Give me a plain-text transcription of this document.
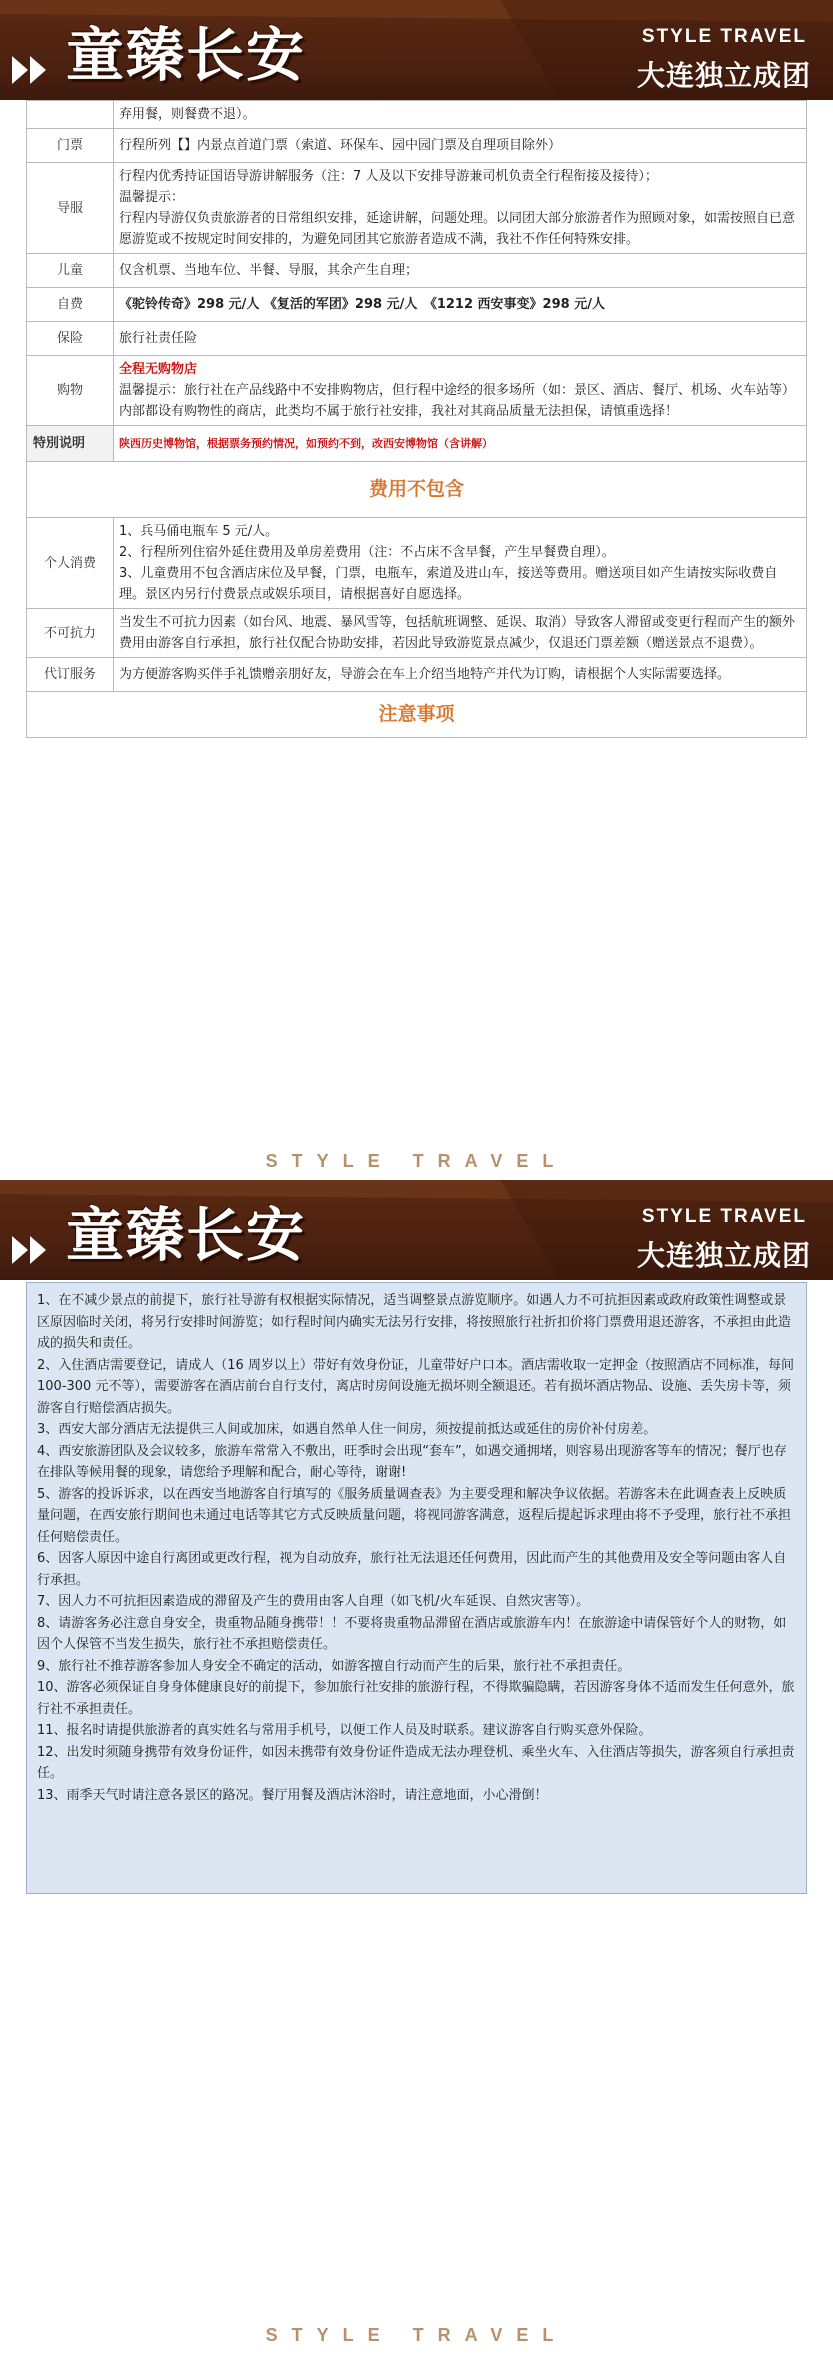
童臻长安	STYLE TRAVEL
大连独立成团
	弃用餐，则餐费不退）。
门票	行程所列【】内景点首道门票（索道、环保车、园中园门票及自理项目除外）
导服	行程内优秀持证国语导游讲解服务（注：7 人及以下安排导游兼司机负责全行程衔接及接待）；
温馨提示：
行程内导游仅负责旅游者的日常组织安排，延途讲解，问题处理。以同团大部分旅游者作为照顾对象，如需按照自已意愿游览或不按规定时间安排的，为避免同团其它旅游者造成不满，我社不作任何特殊安排。

儿童	仅含机票、当地车位、半餐、导服，其余产生自理；
自费	《驼铃传奇》298 元/人 《复活的军团》298 元/人　《1212 西安事变》298 元/人
保险	旅行社责任险
购物	全程无购物店
温馨提示：旅行社在产品线路中不安排购物店，但行程中途经的很多场所（如：景区、酒店、餐厅、机场、火车站等）内部都设有购物性的商店，此类均不属于旅行社安排，我社对其商品质量无法担保，请慎重选择！

特別说明	陕西历史博物馆，根据票务预约情况，如预约不到，改西安博物馆（含讲解）
费用不包含	
个人消费	1、兵马俑电瓶车 5 元/人。
2、行程所列住宿外延住费用及单房差费用（注：不占床不含早餐，产生早餐费自理）。
3、儿童费用不包含酒店床位及早餐，门票，电瓶车，索道及进山车，接送等费用。赠送项目如产生请按实际收费自理。景区内另行付费景点或娱乐项目，请根据喜好自愿选择。

不可抗力	当发生不可抗力因素（如台风、地震、暴风雪等，包括航班调整、延误、取消）导致客人滞留或变更行程而产生的额外费用由游客自行承担，旅行社仅配合协助安排，若因此导致游览景点减少，仅退还门票差额（赠送景点不退费）。
代订服务	为方便游客购买伴手礼馈赠亲朋好友，导游会在车上介绍当地特产并代为订购，请根据个人实际需要选择。
注意事项	
STYLE TRAVEL
童臻长安	STYLE TRAVEL
大连独立成团

1、在不减少景点的前提下，旅行社导游有权根据实际情况，适当调整景点游览顺序。如遇人力不可抗拒因素或政府政策性调整或景区原因临时关闭，将另行安排时间游览；如行程时间内确实无法另行安排，将按照旅行社折扣价将门票费用退还游客，不承担由此造成的损失和责任。

2、入住酒店需要登记，请成人（16 周岁以上）带好有效身份证，儿童带好户口本。酒店需收取一定押金（按照酒店不同标准，每间 100-300 元不等），需要游客在酒店前台自行支付，离店时房间设施无损坏则全额退还。若有损坏酒店物品、设施、丢失房卡等，须游客自行赔偿酒店损失。

3、西安大部分酒店无法提供三人间或加床，如遇自然单人住一间房，须按提前抵达或延住的房价补付房差。

4、西安旅游团队及会议较多，旅游车常常入不敷出，旺季时会出现“套车”，如遇交通拥堵，则容易出现游客等车的情况；餐厅也存在排队等候用餐的现象，请您给予理解和配合，耐心等待，谢谢!

5、游客的投诉诉求，以在西安当地游客自行填写的《服务质量调查表》为主要受理和解决争议依据。若游客未在此调查表上反映质量问题，在西安旅行期间也未通过电话等其它方式反映质量问题，将视同游客满意，返程后提起诉求理由将不予受理，旅行社不承担任何赔偿责任。

6、因客人原因中途自行离团或更改行程，视为自动放弃，旅行社无法退还任何费用，因此而产生的其他费用及安全等问题由客人自行承担。

7、因人力不可抗拒因素造成的滞留及产生的费用由客人自理（如飞机/火车延误、自然灾害等）。

8、请游客务必注意自身安全，贵重物品随身携带！！不要将贵重物品滞留在酒店或旅游车内！在旅游途中请保管好个人的财物，如因个人保管不当发生损失，旅行社不承担赔偿责任。

9、旅行社不推荐游客参加人身安全不确定的活动，如游客擅自行动而产生的后果，旅行社不承担责任。

10、游客必须保证自身身体健康良好的前提下，参加旅行社安排的旅游行程，不得欺骗隐瞒，若因游客身体不适而发生任何意外，旅行社不承担责任。

11、报名时请提供旅游者的真实姓名与常用手机号，以便工作人员及时联系。建议游客自行购买意外保险。

12、出发时须随身携带有效身份证件，如因未携带有效身份证件造成无法办理登机、乘坐火车、入住酒店等损失，游客须自行承担责任。

13、雨季天气时请注意各景区的路况。餐厅用餐及酒店沐浴时，请注意地面，小心滑倒！

STYLE TRAVEL
